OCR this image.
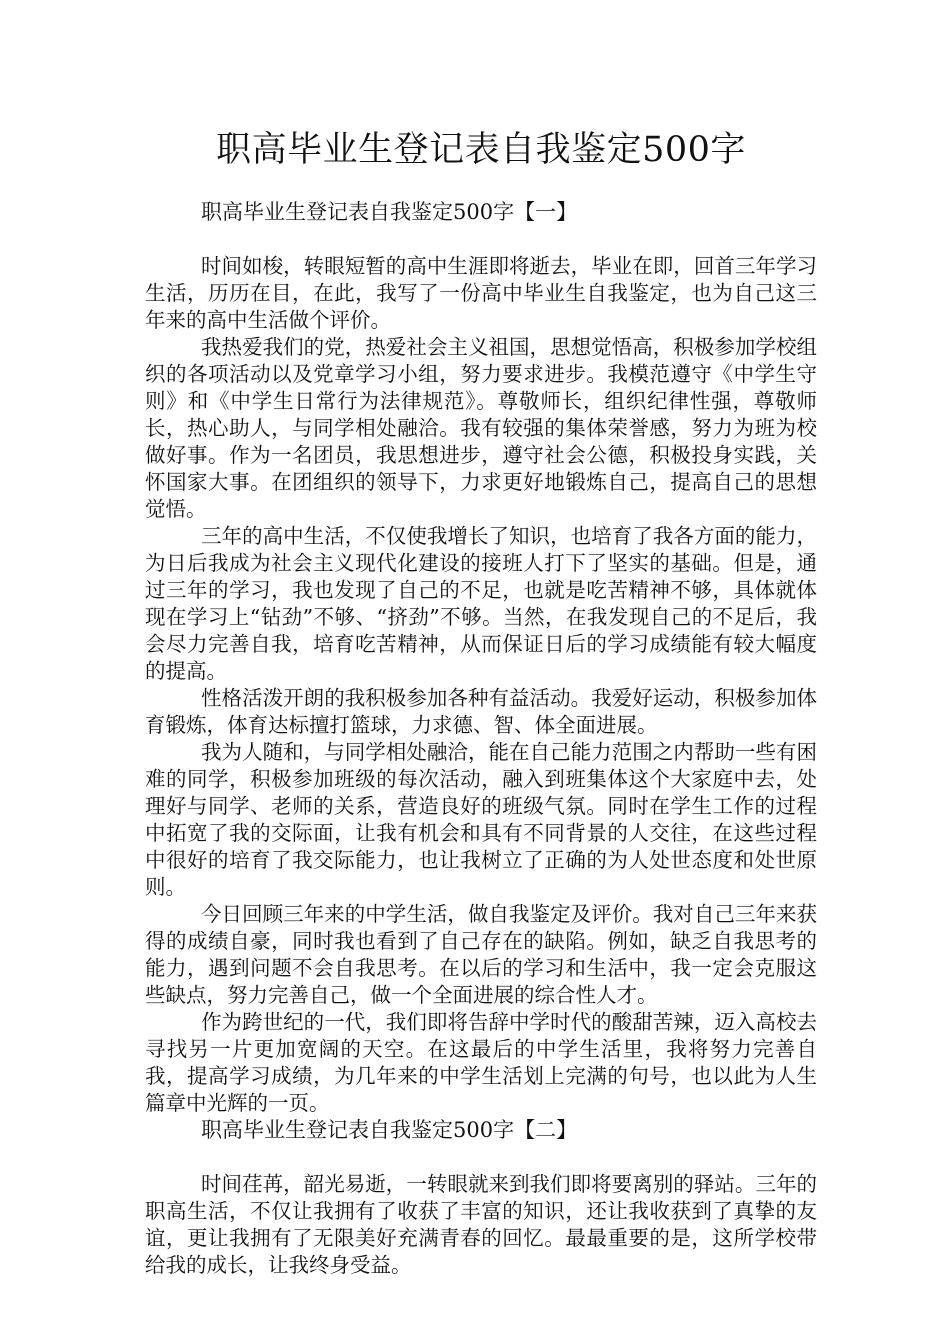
职高毕业生登记表自我鉴定500字

职高毕业生登记表自我鉴定500字【一】

时间如梭，转眼短暂的高中生涯即将逝去，毕业在即，回首三年学习生活，历历在目，在此，我写了一份高中毕业生自我鉴定，也为自己这三年来的高中生活做个评价。

我热爱我们的党，热爱社会主义祖国，思想觉悟高，积极参加学校组织的各项活动以及党章学习小组，努力要求进步。我模范遵守《中学生守则》和《中学生日常行为法律规范》。尊敬师长，组织纪律性强，尊敬师长，热心助人，与同学相处融洽。我有较强的集体荣誉感，努力为班为校做好事。作为一名团员，我思想进步，遵守社会公德，积极投身实践，关怀国家大事。在团组织的领导下，力求更好地锻炼自己，提高自己的思想觉悟。

三年的高中生活，不仅使我增长了知识，也培育了我各方面的能力，为日后我成为社会主义现代化建设的接班人打下了坚实的基础。但是，通过三年的学习，我也发现了自己的不足，也就是吃苦精神不够，具体就体现在学习上“钻劲”不够、“挤劲”不够。当然，在我发现自己的不足后，我会尽力完善自我，培育吃苦精神，从而保证日后的学习成绩能有较大幅度的提高。

性格活泼开朗的我积极参加各种有益活动。我爱好运动，积极参加体育锻炼，体育达标擅打篮球，力求德、智、体全面进展。

我为人随和，与同学相处融洽，能在自己能力范围之内帮助一些有困难的同学，积极参加班级的每次活动，融入到班集体这个大家庭中去，处理好与同学、老师的关系，营造良好的班级气氛。同时在学生工作的过程中拓宽了我的交际面，让我有机会和具有不同背景的人交往，在这些过程中很好的培育了我交际能力，也让我树立了正确的为人处世态度和处世原则。

今日回顾三年来的中学生活，做自我鉴定及评价。我对自己三年来获得的成绩自豪，同时我也看到了自己存在的缺陷。例如，缺乏自我思考的能力，遇到问题不会自我思考。在以后的学习和生活中，我一定会克服这些缺点，努力完善自己，做一个全面进展的综合性人才。

作为跨世纪的一代，我们即将告辞中学时代的酸甜苦辣，迈入高校去寻找另一片更加宽阔的天空。在这最后的中学生活里，我将努力完善自我，提高学习成绩，为几年来的中学生活划上完满的句号，也以此为人生篇章中光辉的一页。

职高毕业生登记表自我鉴定500字【二】

时间荏苒，韶光易逝，一转眼就来到我们即将要离别的驿站。三年的职高生活，不仅让我拥有了收获了丰富的知识，还让我收获到了真挚的友谊，更让我拥有了无限美好充满青春的回忆。最最重要的是，这所学校带给我的成长，让我终身受益。
